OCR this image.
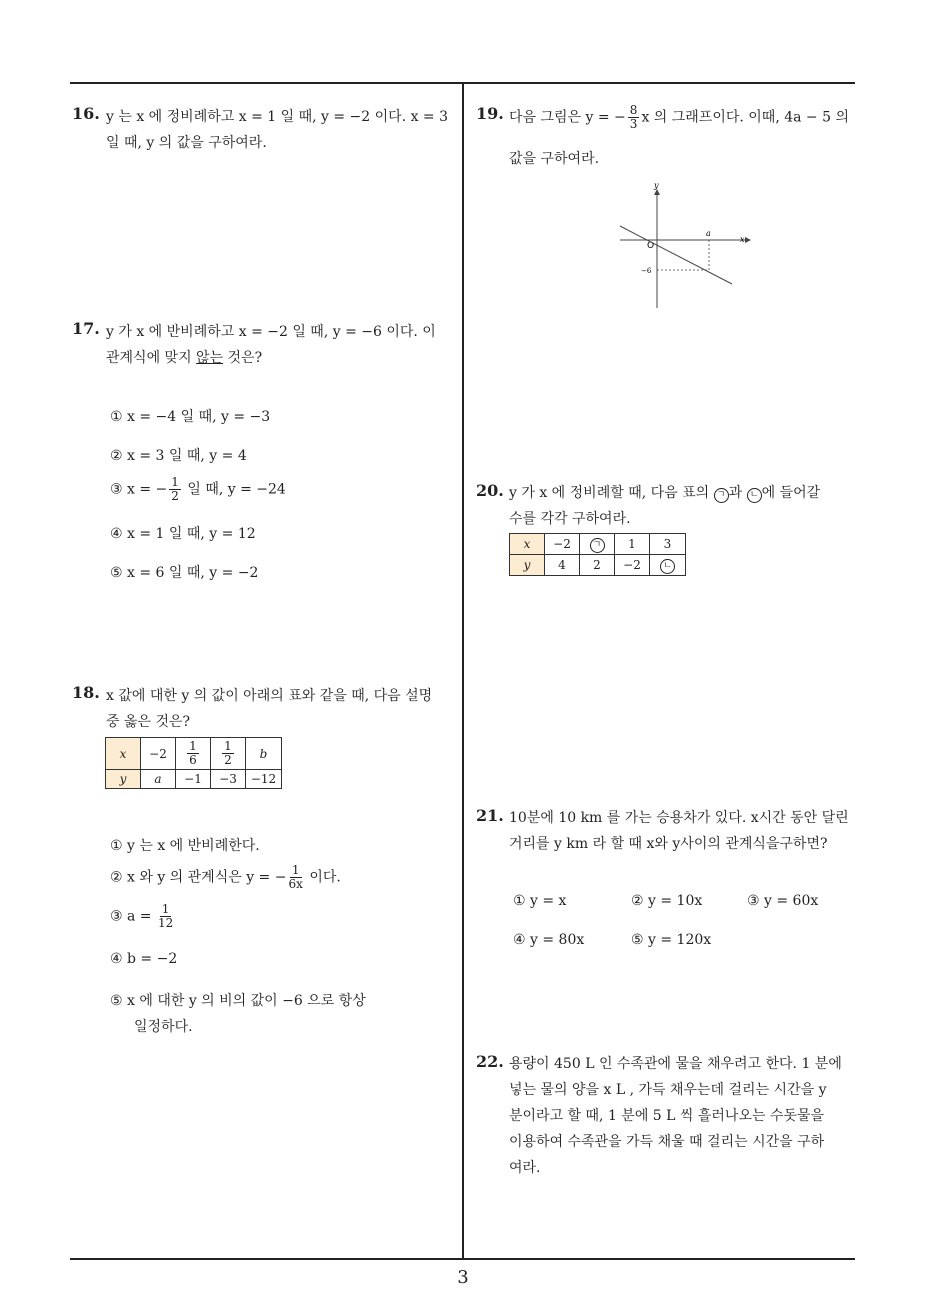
16. y 는 x 에 정비례하고 x = 1 일 때, y = −2 이다. x = 3
일 때, y 의 값을 구하여라.
17. y 가 x 에 반비례하고 x = −2 일 때, y = −6 이다. 이
관계식에 맞지 않는 것은?
① x = −4 일 때, y = −3
② x = 3 일 때, y = 4
③ x = − $\frac{1}{2}$ 일 때, y = −24
④ x = 1 일 때, y = 12
⑤ x = 6 일 때, y = −2
18. x 값에 대한 y 의 값이 아래의 표와 같을 때, 다음 설명
중 옳은 것은?
x	−2	$\frac{1}{6}$	$\frac{1}{2}$	b
y	a	−1	−3	−12
① y 는 x 에 반비례한다.
② x 와 y 의 관계식은 y = − $\frac{1}{6x}$ 이다.
③ $a = \frac{1}{12}$
④ b = −2
⑤ x 에 대한 y 의 비의 값이 −6 으로 항상
일정하다.
19. 다음 그림은 y = − $\frac{8}{3}$ x 의 그래프이다. 이때, 4a − 5 의
값을 구하여라.
y
x
O
a
−6
20. y 가 x 에 정비례할 때, 다음 표의 ㄱ 과 ㄴ 에 들어갈
수를 각각 구하여라.
x	−2	ㄱ	1	3
y	4	2	−2	ㄴ
21. 10분에 10 km 를 가는 승용차가 있다. x시간 동안 달린
거리를 y km 라 할 때 x와 y사이의 관계식을구하면?
① y = x	② y = 10x	③ y = 60x
④ y = 80x	⑤ y = 120x
22. 용량이 450 L 인 수족관에 물을 채우려고 한다. 1 분에
넣는 물의 양을 x L , 가득 채우는데 걸리는 시간을 y
분이라고 할 때, 1 분에 5 L 씩 흘러나오는 수돗물을
이용하여 수족관을 가득 채울 때 걸리는 시간을 구하
여라.
3
